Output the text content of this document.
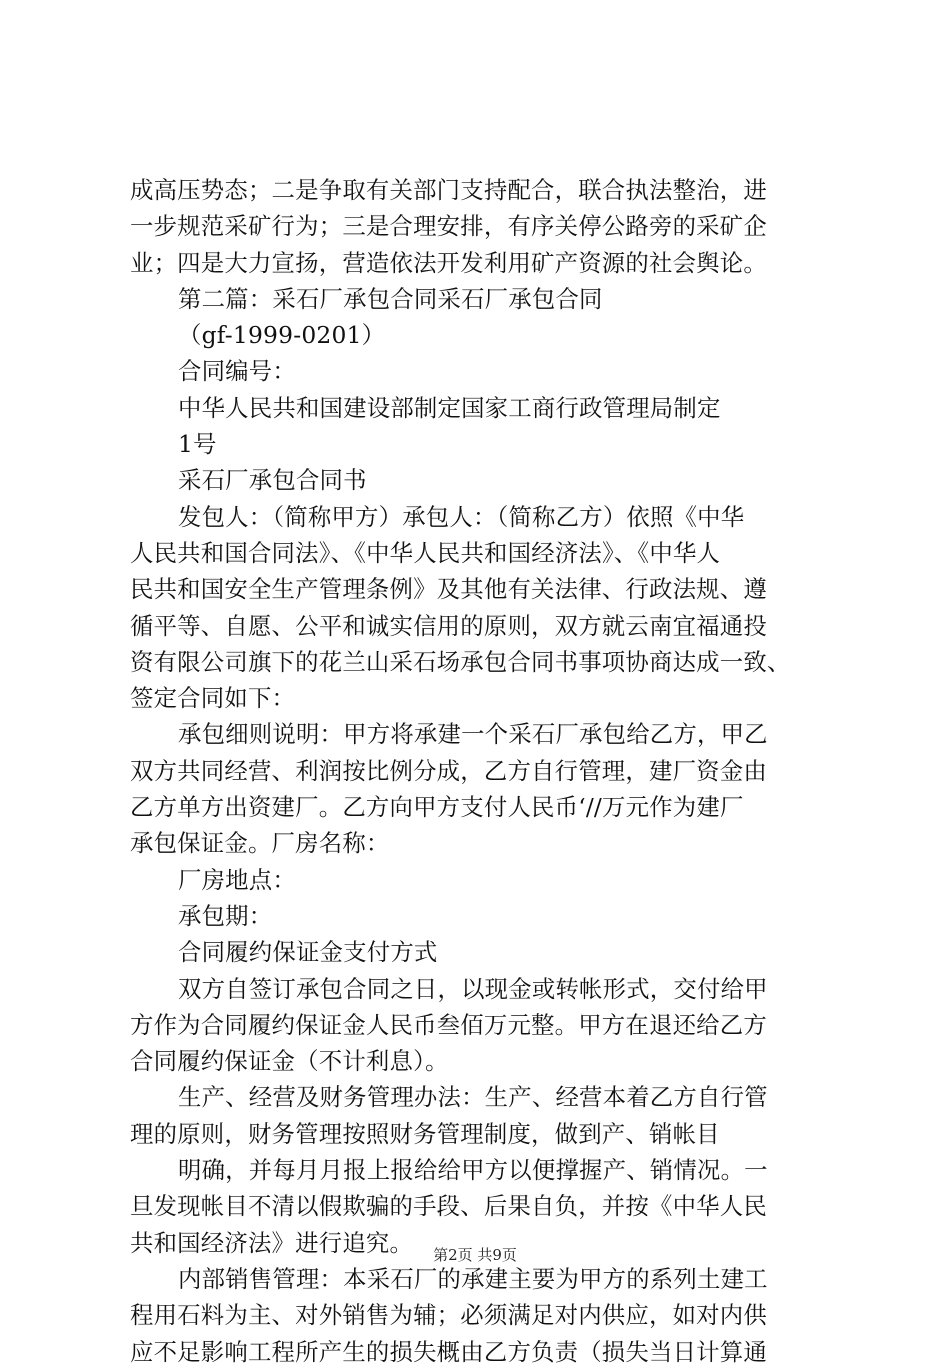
成高压势态；二是争取有关部门支持配合，联合执法整治，进

一步规范采矿行为；三是合理安排，有序关停公路旁的采矿企

业；四是大力宣扬，营造依法开发利用矿产资源的社会舆论。

第二篇：采石厂承包合同采石厂承包合同

（gf-1999-0201）

合同编号：

中华人民共和国建设部制定国家工商行政管理局制定

1号

采石厂承包合同书

发包人：（简称甲方）承包人：（简称乙方）依照《中华

人民共和国合同法》、《中华人民共和国经济法》、《中华人

民共和国安全生产管理条例》及其他有关法律、行政法规、遵

循平等、自愿、公平和诚实信用的原则，双方就云南宜福通投

资有限公司旗下的花兰山采石场承包合同书事项协商达成一致、

签定合同如下：

承包细则说明：甲方将承建一个采石厂承包给乙方，甲乙

双方共同经营、利润按比例分成，乙方自行管理，建厂资金由

乙方单方出资建厂。乙方向甲方支付人民币‘//万元作为建厂

承包保证金。厂房名称：

厂房地点：

承包期：

合同履约保证金支付方式

双方自签订承包合同之日，以现金或转帐形式，交付给甲

方作为合同履约保证金人民币叁佰万元整。甲方在退还给乙方

合同履约保证金（不计利息）。

生产、经营及财务管理办法：生产、经营本着乙方自行管

理的原则，财务管理按照财务管理制度，做到产、销帐目

明确，并每月月报上报给给甲方以便撑握产、销情况。一

旦发现帐目不清以假欺骗的手段、后果自负，并按《中华人民

共和国经济法》进行追究。

内部销售管理：本采石厂的承建主要为甲方的系列土建工

程用石料为主、对外销售为辅；必须满足对内供应，如对内供

应不足影响工程所产生的损失概由乙方负责（损失当日计算通

第2页 共9页
